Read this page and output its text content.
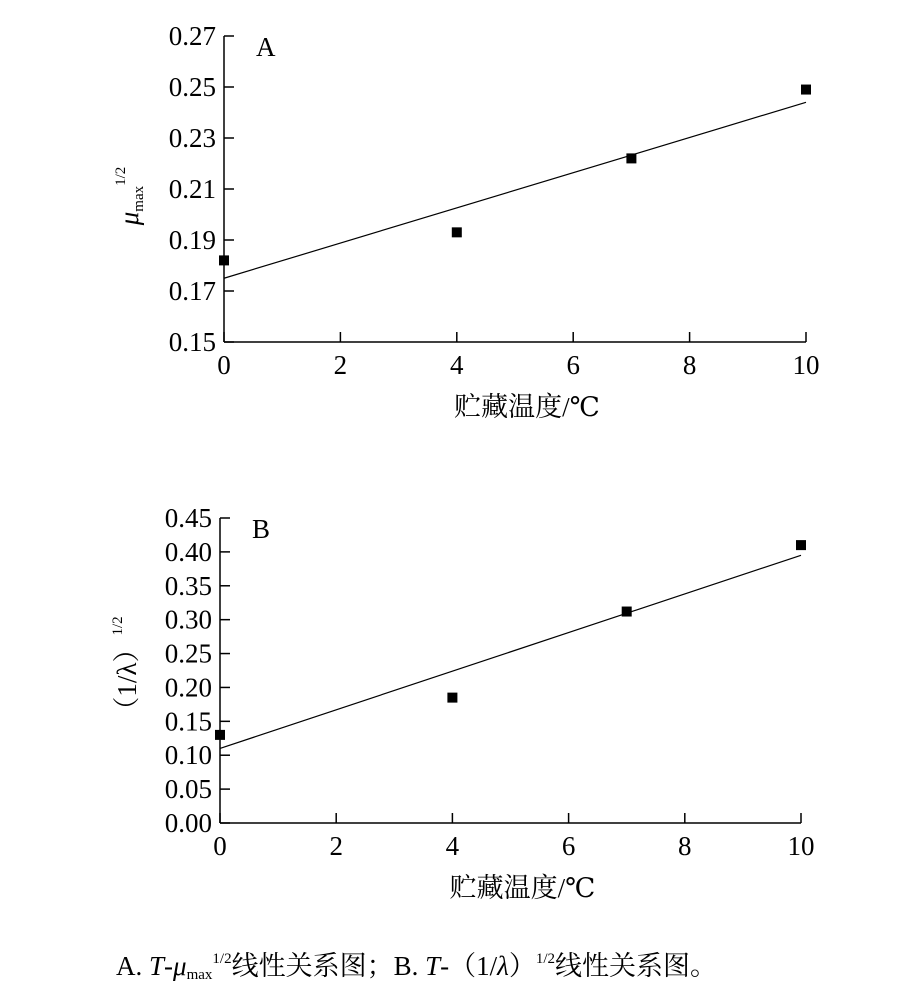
0.15
0.17
0.19
0.21
0.23
0.25
0.27
0	2	4	6	8	10
A
贮藏温度/℃
μmax$^{1/2}$
0.00
0.05
0.10
0.15
0.20
0.25
0.30
0.35
0.40
0.45
0	2	4	6	8	10
B
贮藏温度/℃
$(1/\lambda)^{1/2}$
A. $T-\mu_{max}^{1/2}$线性关系图；B. $T-(1/\lambda)^{1/2}$线性关系图。
